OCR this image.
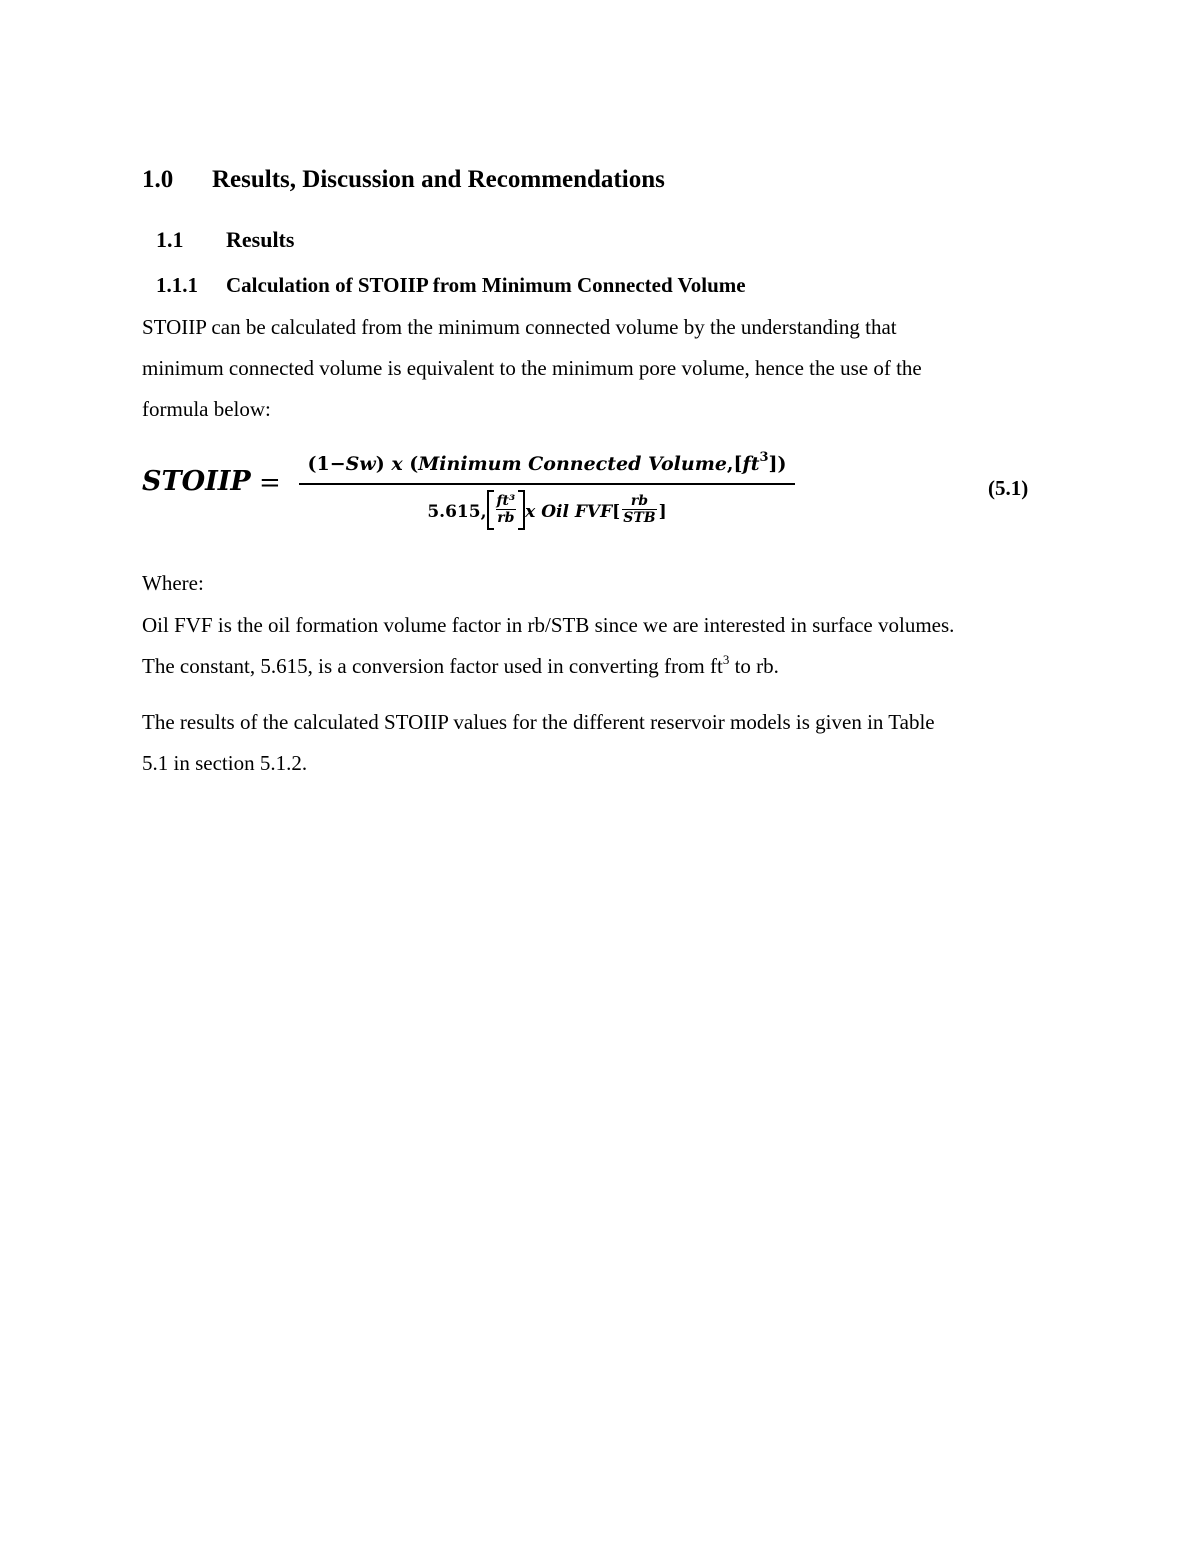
1.0 Results, Discussion and Recommendations
1.1 Results
1.1.1 Calculation of STOIIP from Minimum Connected Volume
STOIIP can be calculated from the minimum connected volume by the understanding that
minimum connected volume is equivalent to the minimum pore volume, hence the use of the
formula below:
STOIIP =
(1−Sw) x (Minimum Connected $Volume,[ft^3]$)
5.615, $\frac{\text{ft³}}{rb}$ x Oil $FVF[ \frac{rb}{\text{STB}}$ ]
(5.1)
Where:
Oil FVF is the oil formation volume factor in rb/STB since we are interested in surface volumes.
The constant, 5.615, is a conversion factor used in converting from $ft^3$ to rb.
The results of the calculated STOIIP values for the different reservoir models is given in Table
5.1 in section 5.1.2.
